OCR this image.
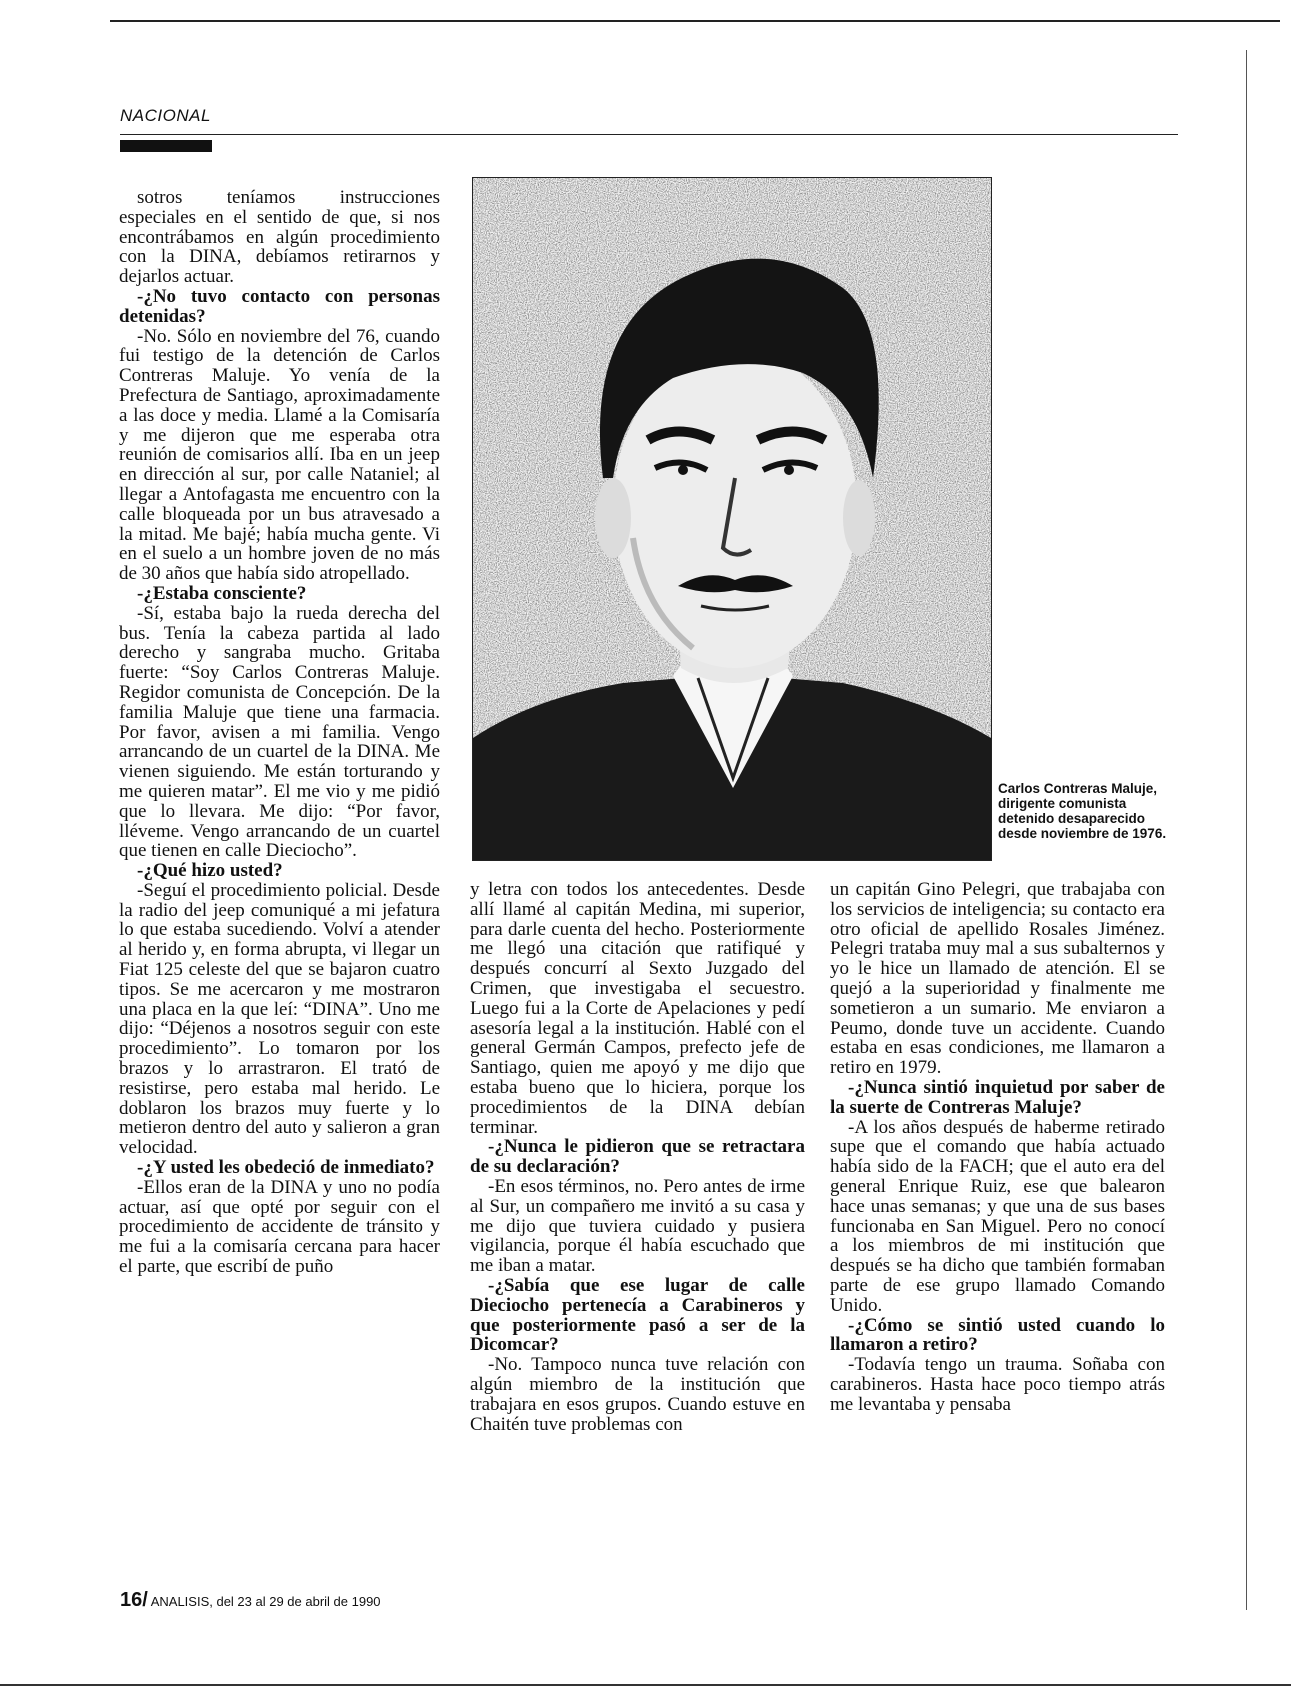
NACIONAL

sotros teníamos instrucciones especiales en el sentido de que, si nos encontrábamos en algún procedimiento con la DINA, debíamos retirarnos y dejarlos actuar.

-¿No tuvo contacto con personas detenidas?

-No. Sólo en noviembre del 76, cuando fui testigo de la detención de Carlos Contreras Maluje. Yo venía de la Prefectura de Santiago, aproximadamente a las doce y media. Llamé a la Comisaría y me dijeron que me esperaba otra reunión de comisarios allí. Iba en un jeep en dirección al sur, por calle Nataniel; al llegar a Antofagasta me encuentro con la calle bloqueada por un bus atravesado a la mitad. Me bajé; había mucha gente. Vi en el suelo a un hombre joven de no más de 30 años que había sido atropellado.

-¿Estaba consciente?

-Sí, estaba bajo la rueda derecha del bus. Tenía la cabeza partida al lado derecho y sangraba mucho. Gritaba fuerte: “Soy Carlos Contreras Maluje. Regidor comunista de Concepción. De la familia Maluje que tiene una farmacia. Por favor, avisen a mi familia. Vengo arrancando de un cuartel de la DINA. Me vienen siguiendo. Me están torturando y me quieren matar”. El me vio y me pidió que lo llevara. Me dijo: “Por favor, lléveme. Vengo arrancando de un cuartel que tienen en calle Dieciocho”.

-¿Qué hizo usted?

-Seguí el procedimiento policial. Desde la radio del jeep comuniqué a mi jefatura lo que estaba sucediendo. Volví a atender al herido y, en forma abrupta, vi llegar un Fiat 125 celeste del que se bajaron cuatro tipos. Se me acercaron y me mostraron una placa en la que leí: “DINA”. Uno me dijo: “Déjenos a nosotros seguir con este procedimiento”. Lo tomaron por los brazos y lo arrastraron. El trató de resistirse, pero estaba mal herido. Le doblaron los brazos muy fuerte y lo metieron dentro del auto y salieron a gran velocidad.

-¿Y usted les obedeció de inmediato?

-Ellos eran de la DINA y uno no podía actuar, así que opté por seguir con el procedimiento de accidente de tránsito y me fui a la comisaría cercana para hacer el parte, que escribí de puño

Carlos Contreras Maluje, dirigente comunista detenido desaparecido desde noviembre de 1976.

y letra con todos los antecedentes. Desde allí llamé al capitán Medina, mi superior, para darle cuenta del hecho. Posteriormente me llegó una citación que ratifiqué y después concurrí al Sexto Juzgado del Crimen, que investigaba el secuestro. Luego fui a la Corte de Apelaciones y pedí asesoría legal a la institución. Hablé con el general Germán Campos, prefecto jefe de Santiago, quien me apoyó y me dijo que estaba bueno que lo hiciera, porque los procedimientos de la DINA debían terminar.

-¿Nunca le pidieron que se retractara de su declaración?

-En esos términos, no. Pero antes de irme al Sur, un compañero me invitó a su casa y me dijo que tuviera cuidado y pusiera vigilancia, porque él había escuchado que me iban a matar.

-¿Sabía que ese lugar de calle Dieciocho pertenecía a Carabineros y que posteriormente pasó a ser de la Dicomcar?

-No. Tampoco nunca tuve relación con algún miembro de la institución que trabajara en esos grupos. Cuando estuve en Chaitén tuve problemas con

un capitán Gino Pelegri, que trabajaba con los servicios de inteligencia; su contacto era otro oficial de apellido Rosales Jiménez. Pelegri trataba muy mal a sus subalternos y yo le hice un llamado de atención. El se quejó a la superioridad y finalmente me sometieron a un sumario. Me enviaron a Peumo, donde tuve un accidente. Cuando estaba en esas condiciones, me llamaron a retiro en 1979.

-¿Nunca sintió inquietud por saber de la suerte de Contreras Maluje?

-A los años después de haberme retirado supe que el comando que había actuado había sido de la FACH; que el auto era del general Enrique Ruiz, ese que balearon hace unas semanas; y que una de sus bases funcionaba en San Miguel. Pero no conocí a los miembros de mi institución que después se ha dicho que también formaban parte de ese grupo llamado Comando Unido.

-¿Cómo se sintió usted cuando lo llamaron a retiro?

-Todavía tengo un trauma. Soñaba con carabineros. Hasta hace poco tiempo atrás me levantaba y pensaba

16/ ANALISIS, del 23 al 29 de abril de 1990
